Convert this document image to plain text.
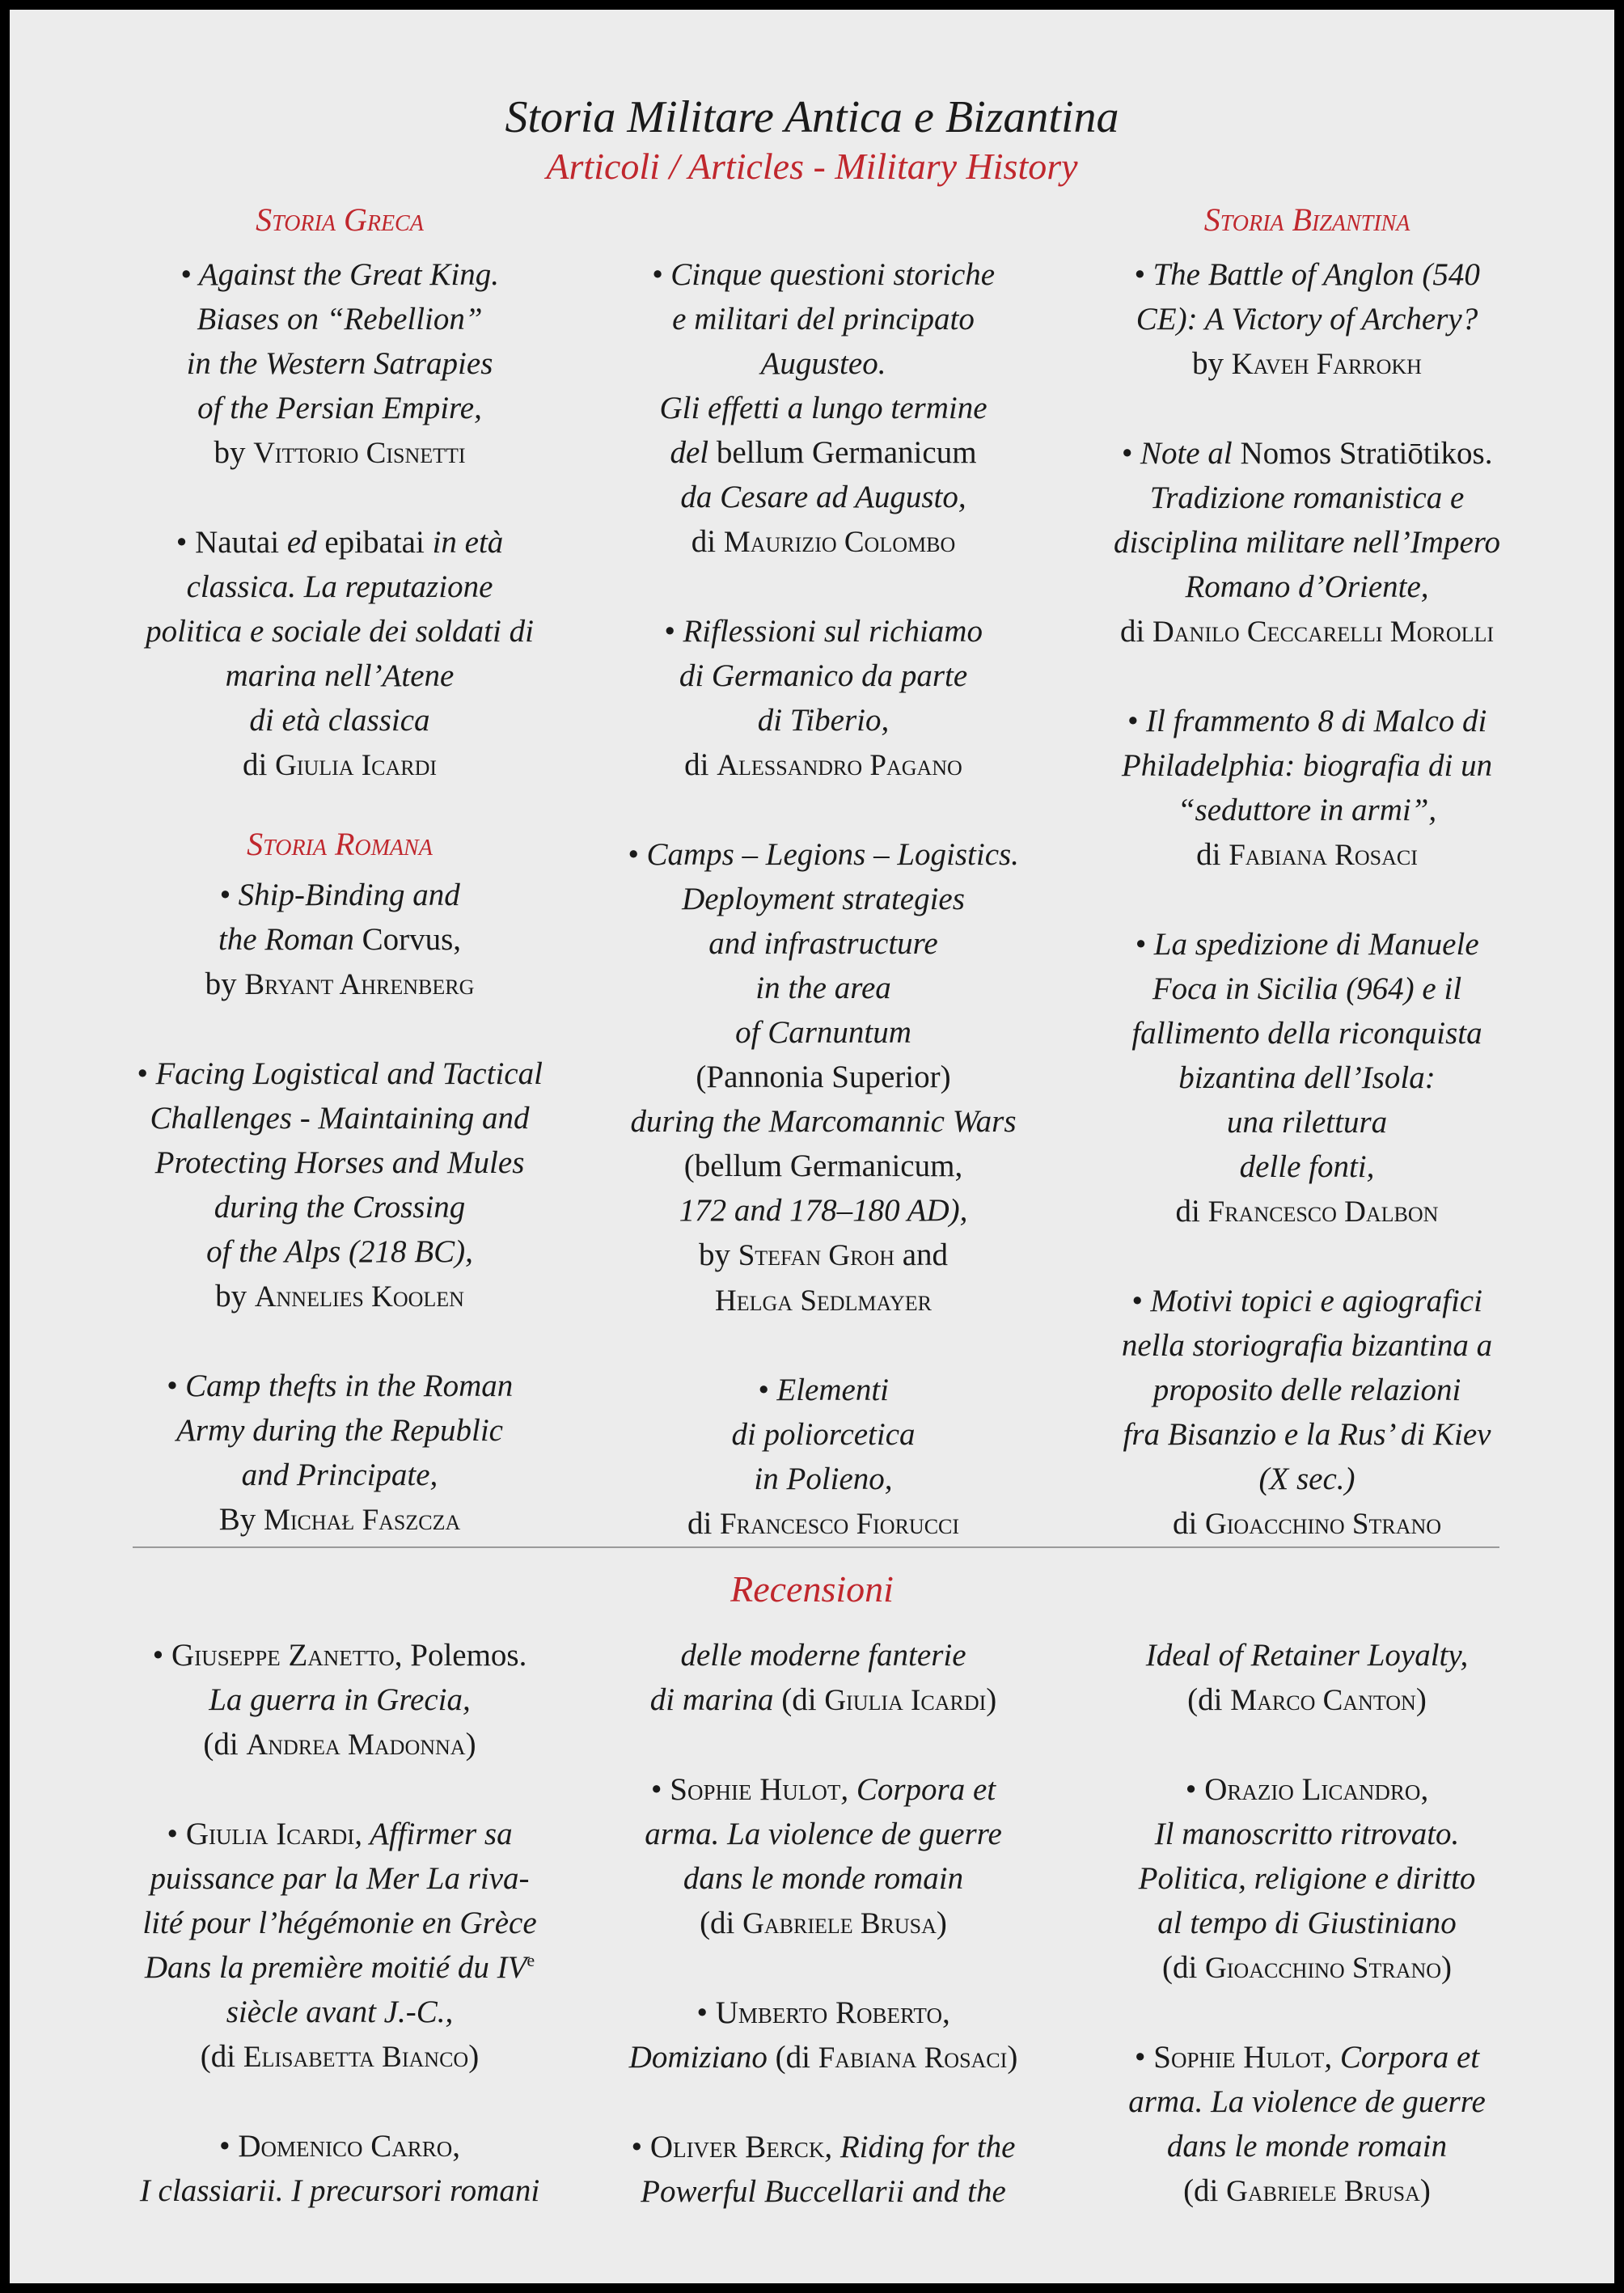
Storia Militare Antica e Bizantina
Articoli / Articles - Military History
Storia Greca	Storia Bizantina

• Against the Great King.

Biases on “Rebellion”

in the Western Satrapies

of the Persian Empire,

by Vittorio Cisnetti

• Nautai ed epibatai in età

classica. La reputazione

politica e sociale dei soldati di

marina nell’Atene

di età classica

di Giulia Icardi

Storia Romana

• Ship-Binding and

the Roman Corvus,

by Bryant Ahrenberg

• Facing Logistical and Tactical

Challenges - Maintaining and

Protecting Horses and Mules

during the Crossing

of the Alps (218 BC),

by Annelies Koolen

• Camp thefts in the Roman

Army during the Republic

and Principate,

By Michał Faszcza

• Cinque questioni storiche

e militari del principato

Augusteo.

Gli effetti a lungo termine

del bellum Germanicum

da Cesare ad Augusto,

di Maurizio Colombo

• Riflessioni sul richiamo

di Germanico da parte

di Tiberio,

di Alessandro Pagano

• Camps – Legions – Logistics.

Deployment strategies

and infrastructure

in the area

of Carnuntum

(Pannonia Superior)

during the Marcomannic Wars

(bellum Germanicum,

172 and 178–180 AD),

by Stefan Groh and

Helga Sedlmayer

• Elementi

di poliorcetica

in Polieno,

di Francesco Fiorucci

• The Battle of Anglon (540

CE): A Victory of Archery?

by Kaveh Farrokh

• Note al Nomos Stratiōtikos.

Tradizione romanistica e

disciplina militare nell’Impero

Romano d’Oriente,

di Danilo Ceccarelli Morolli

• Il frammento 8 di Malco di

Philadelphia: biografia di un

“seduttore in armi”,

di Fabiana Rosaci

• La spedizione di Manuele

Foca in Sicilia (964) e il

fallimento della riconquista

bizantina dell’Isola:

una rilettura

delle fonti,

di Francesco Dalbon

• Motivi topici e agiografici

nella storiografia bizantina a

proposito delle relazioni

fra Bisanzio e la Rus’ di Kiev

(X sec.)

di Gioacchino Strano

Recensioni

• Giuseppe Zanetto, Polemos.

La guerra in Grecia,

(di Andrea Madonna)

• Giulia Icardi, Affirmer sa

puissance par la Mer La riva-

lité pour l’hégémonie en Grèce

Dans la première moitié du IVe

siècle avant J.-C.,

(di Elisabetta Bianco)

• Domenico Carro,

I classiarii. I precursori romani

delle moderne fanterie

di marina (di Giulia Icardi)

• Sophie Hulot, Corpora et

arma. La violence de guerre

dans le monde romain

(di Gabriele Brusa)

• Umberto Roberto,

Domiziano (di Fabiana Rosaci)

• Oliver Berck, Riding for the

Powerful Buccellarii and the

Ideal of Retainer Loyalty,

(di Marco Canton)

• Orazio Licandro,

Il manoscritto ritrovato.

Politica, religione e diritto

al tempo di Giustiniano

(di Gioacchino Strano)

• Sophie Hulot, Corpora et

arma. La violence de guerre

dans le monde romain

(di Gabriele Brusa)
